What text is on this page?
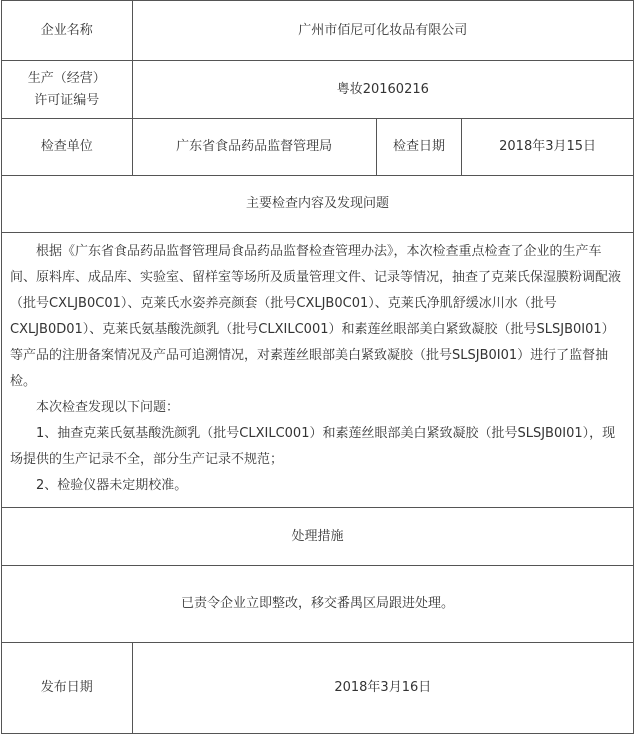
企业名称	广州市佰尼可化妆品有限公司		

生产（经营）
许可证编号	粤妆20160216		
检查单位	广东省食品药品监督管理局	检查日期	2018年3月15日
主要检查内容及发现问题			

根据《广东省食品药品监督管理局食品药品监督检查管理办法》，本次检查重点检查了企业的生产车间、原料库、成品库、实验室、留样室等场所及质量管理文件、记录等情况，抽查了克莱氏保湿膜粉调配液（批号CXLJB0C01）、克莱氏水姿养亮颜套（批号CXLJB0C01）、克莱氏净肌舒缓冰川水（批号CXLJB0D01）、克莱氏氨基酸洗颜乳（批号CLXILC001）和素莲丝眼部美白紧致凝胶（批号SLSJB0I01）等产品的注册备案情况及产品可追溯情况，对素莲丝眼部美白紧致凝胶（批号SLSJB0I01）进行了监督抽检。

本次检查发现以下问题：

1、抽查克莱氏氨基酸洗颜乳（批号CLXILC001）和素莲丝眼部美白紧致凝胶（批号SLSJB0I01），现场提供的生产记录不全，部分生产记录不规范；

2、检验仪器未定期校准。			

处理措施			
已责令企业立即整改，移交番禺区局跟进处理。			
发布日期	2018年3月16日		
